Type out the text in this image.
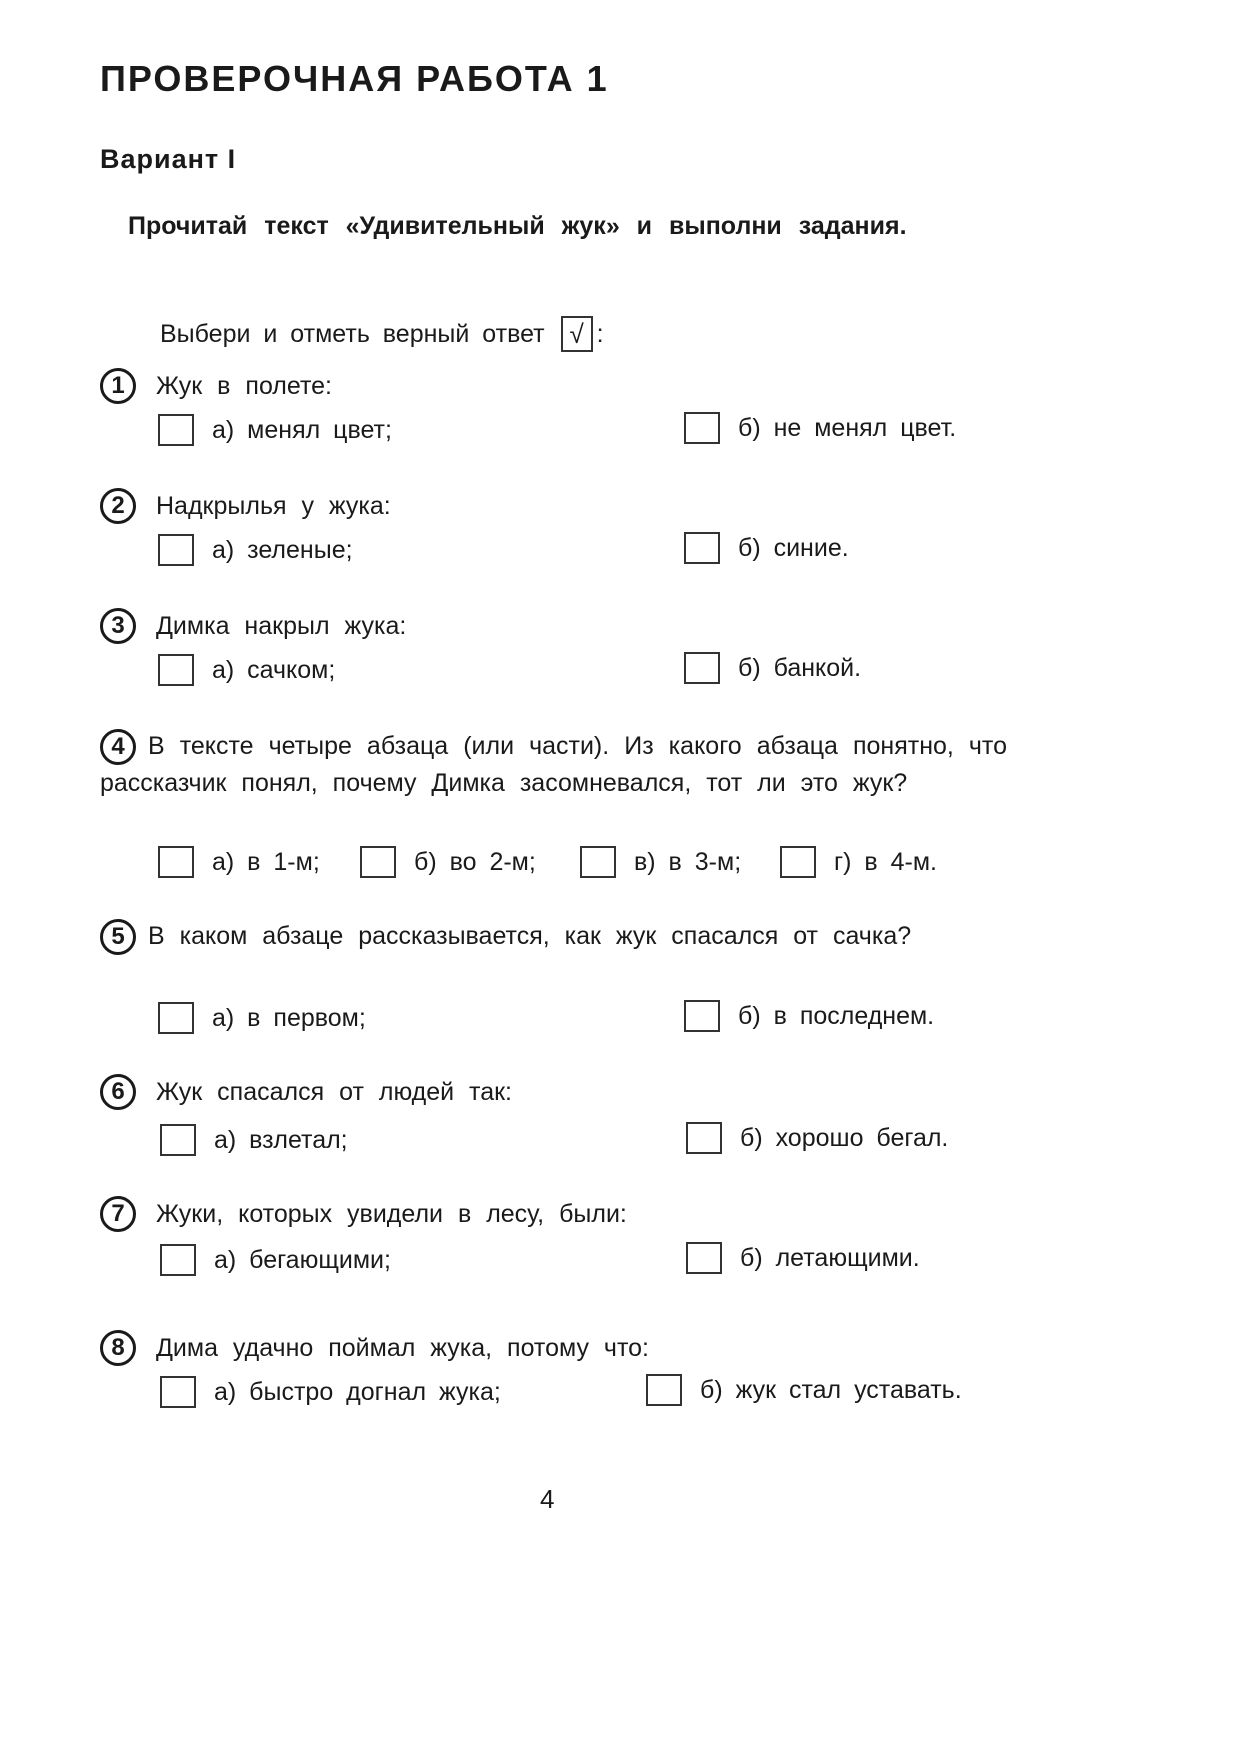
ПРОВЕРОЧНАЯ РАБОТА 1
Вариант I
Прочитай текст «Удивительный жук» и выполни задания.
Выбери и отметь верный ответ √ :
1	Жук в полете:
а) менял цвет;	б) не менял цвет.
2	Надкрылья у жука:
а) зеленые;	б) синие.
3	Димка накрыл жука:
а) сачком;	б) банкой.
4 В тексте четыре абзаца (или части). Из какого абзаца понятно, что рассказчик понял, почему Димка засомневался, тот ли это жук?
а) в 1-м;	б) во 2-м;	в) в 3-м;	г) в 4-м.
5 В каком абзаце рассказывается, как жук спасался от сачка?
а) в первом;	б) в последнем.
6	Жук спасался от людей так:
а) взлетал;	б) хорошо бегал.
7	Жуки, которых увидели в лесу, были:
а) бегающими;	б) летающими.
8	Дима удачно поймал жука, потому что:
а) быстро догнал жука;	б) жук стал уставать.
4
